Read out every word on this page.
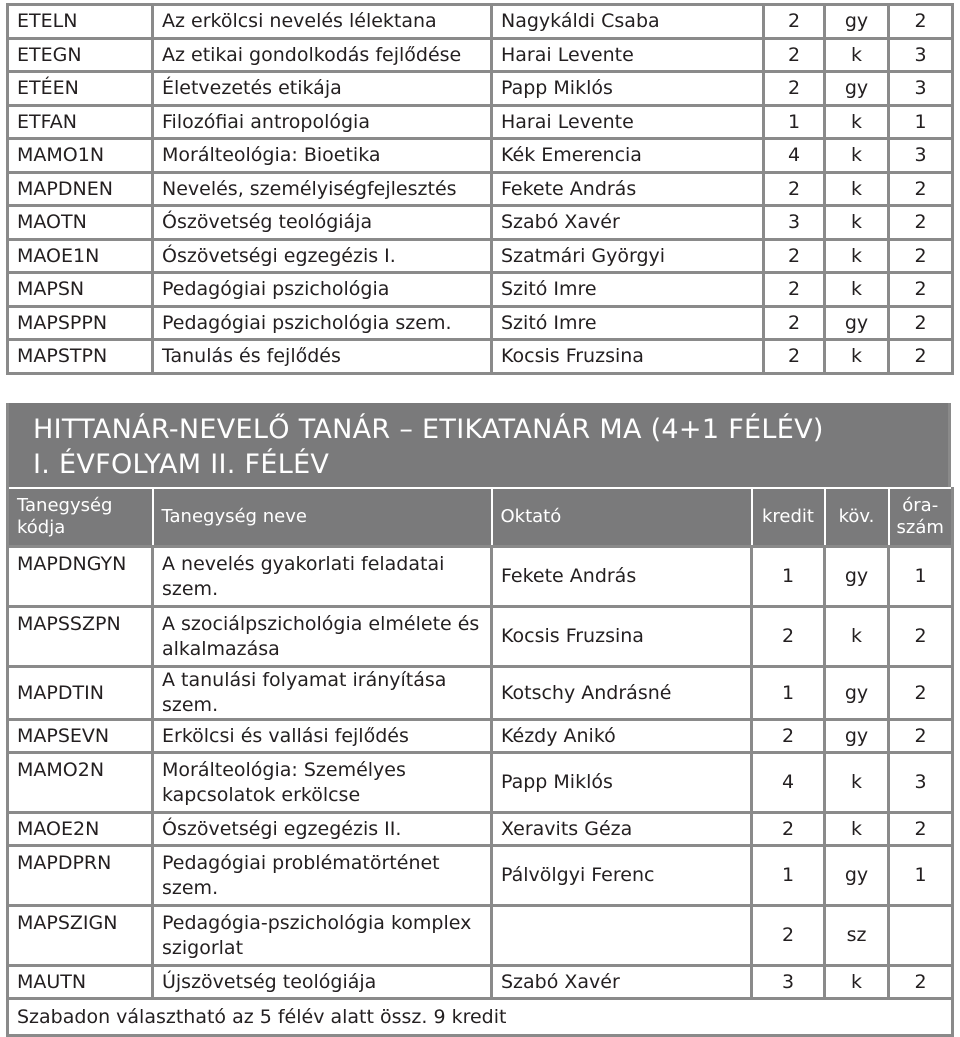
ETELN	Az erkölcsi nevelés lélektana	Nagykáldi Csaba	2	gy	2
ETEGN	Az etikai gondolkodás fejlődése	Harai Levente	2	k	3
ETÉEN	Életvezetés etikája	Papp Miklós	2	gy	3
ETFAN	Filozófiai antropológia	Harai Levente	1	k	1
MAMO1N	Morálteológia: Bioetika	Kék Emerencia	4	k	3
MAPDNEN	Nevelés, személyiségfejlesztés	Fekete András	2	k	2
MAOTN	Ószövetség teológiája	Szabó Xavér	3	k	2
MAOE1N	Ószövetségi egzegézis I.	Szatmári Györgyi	2	k	2
MAPSN	Pedagógiai pszichológia	Szitó Imre	2	k	2
MAPSPPN	Pedagógiai pszichológia szem.	Szitó Imre	2	gy	2
MAPSTPN	Tanulás és fejlődés	Kocsis Fruzsina	2	k	2
HITTANÁR-NEVELŐ TANÁR – ETIKATANÁR MA (4+1 FÉLÉV)
I. ÉVFOLYAM II. FÉLÉV
Tanegység kódja	Tanegység neve	Oktató	kredit	köv.	óra-szám
MAPDNGYN	A nevelés gyakorlati feladatai szem.	Fekete András	1	gy	1
MAPSSZPN	A szociálpszichológia elmélete és alkalmazása	Kocsis Fruzsina	2	k	2
MAPDTIN	A tanulási folyamat irányítása szem.	Kotschy Andrásné	1	gy	2
MAPSEVN	Erkölcsi és vallási fejlődés	Kézdy Anikó	2	gy	2
MAMO2N	Morálteológia: Személyes kapcsolatok erkölcse	Papp Miklós	4	k	3
MAOE2N	Ószövetségi egzegézis II.	Xeravits Géza	2	k	2
MAPDPRN	Pedagógiai problématörténet szem.	Pálvölgyi Ferenc	1	gy	1
MAPSZIGN	Pedagógia-pszichológia komplex szigorlat		2	sz	
MAUTN	Újszövetség teológiája	Szabó Xavér	3	k	2
Szabadon választható az 5 félév alatt össz. 9 kredit					
